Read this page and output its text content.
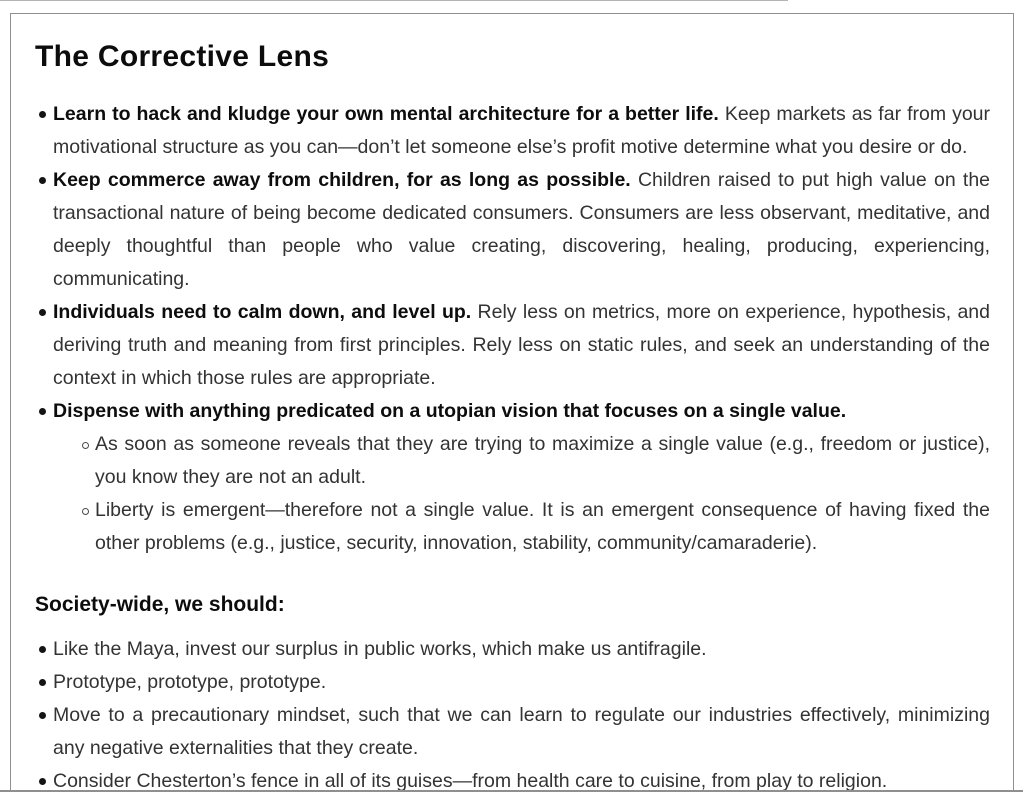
The Corrective Lens
Learn to hack and kludge your own mental architecture for a better life. Keep markets as far from your motivational structure as you can—don’t let someone else’s profit motive determine what you desire or do.
Keep commerce away from children, for as long as possible. Children raised to put high value on the transactional nature of being become dedicated consumers. Consumers are less observant, meditative, and deeply thoughtful than people who value creating, discovering, healing, producing, experiencing, communicating.
Individuals need to calm down, and level up. Rely less on metrics, more on experience, hypothesis, and deriving truth and meaning from first principles. Rely less on static rules, and seek an understanding of the context in which those rules are appropriate.
Dispense with anything predicated on a utopian vision that focuses on a single value.
As soon as someone reveals that they are trying to maximize a single value (e.g., freedom or justice), you know they are not an adult.
Liberty is emergent—therefore not a single value. It is an emergent consequence of having fixed the other problems (e.g., justice, security, innovation, stability, community/camaraderie).
Society-wide, we should:
Like the Maya, invest our surplus in public works, which make us antifragile.
Prototype, prototype, prototype.
Move to a precautionary mindset, such that we can learn to regulate our industries effectively, minimizing any negative externalities that they create.
Consider Chesterton’s fence in all of its guises—from health care to cuisine, from play to religion.
